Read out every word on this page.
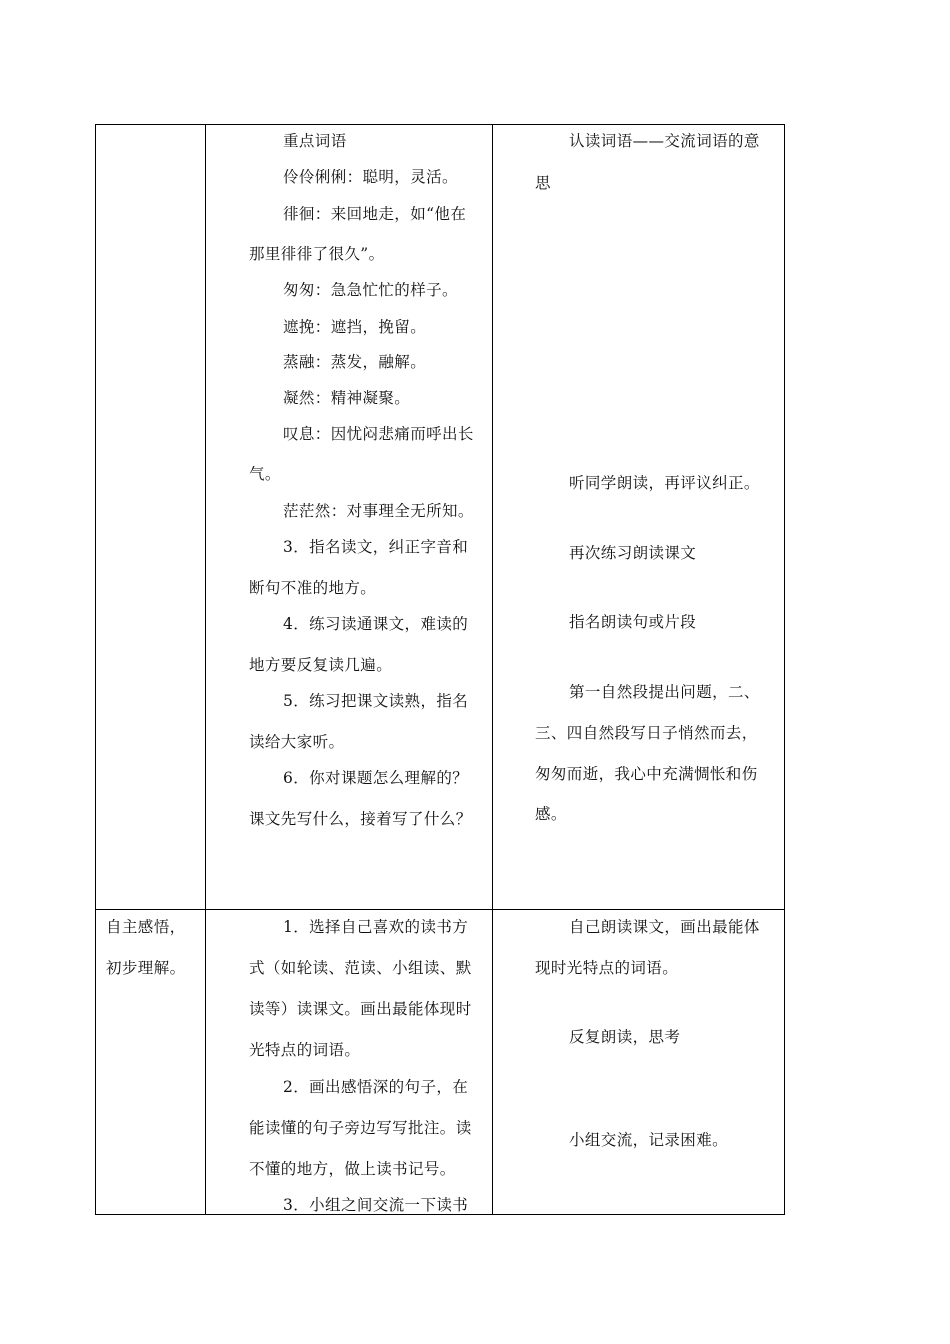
重点词语
伶伶俐俐：聪明，灵活。
徘徊：来回地走，如“他在
那里徘徘了很久”。
匆匆：急急忙忙的样子。
遮挽：遮挡，挽留。
蒸融：蒸发，融解。
凝然：精神凝聚。
叹息：因忧闷悲痛而呼出长
气。
茫茫然：对事理全无所知。
3．指名读文，纠正字音和
断句不准的地方。
4．练习读通课文，难读的
地方要反复读几遍。
5．练习把课文读熟，指名
读给大家听。
6．你对课题怎么理解的？
课文先写什么，接着写了什么？
认读词语——交流词语的意
思
听同学朗读，再评议纠正。
再次练习朗读课文
指名朗读句或片段
第一自然段提出问题，二、
三、四自然段写日子悄然而去，
匆匆而逝，我心中充满惆怅和伤
感。
自主感悟，
初步理解。
1．选择自己喜欢的读书方
式（如轮读、范读、小组读、默
读等）读课文。画出最能体现时
光特点的词语。
2．画出感悟深的句子，在
能读懂的句子旁边写写批注。读
不懂的地方，做上读书记号。
3．小组之间交流一下读书
自己朗读课文，画出最能体
现时光特点的词语。
反复朗读，思考
小组交流，记录困难。
